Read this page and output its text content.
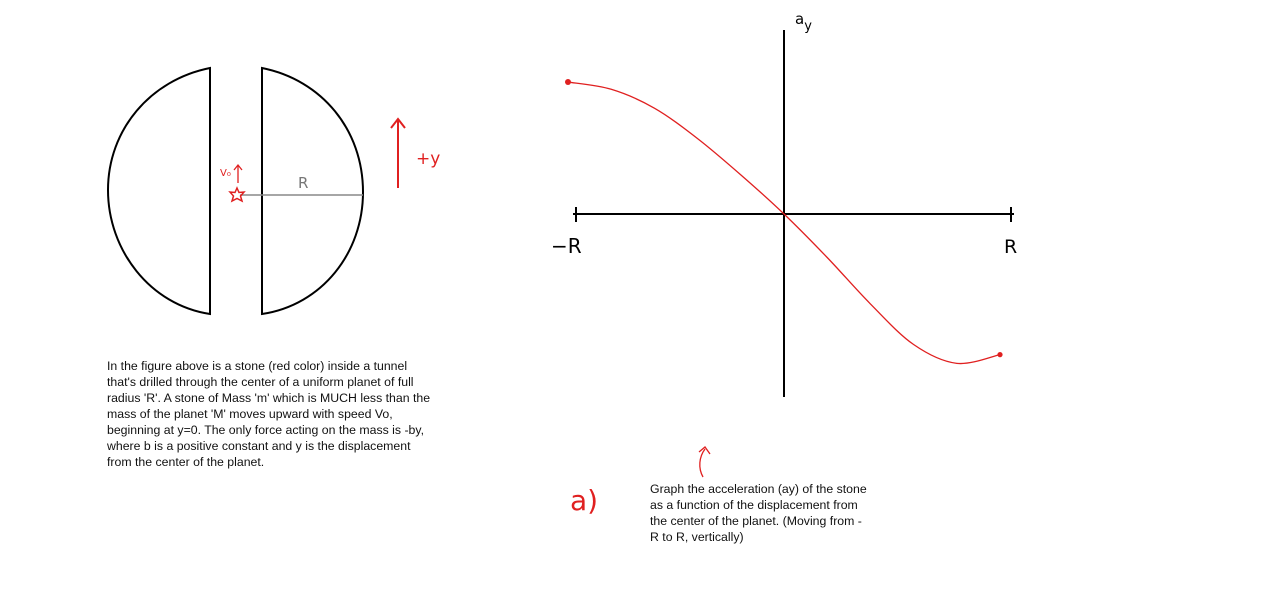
R
V₀
+y
ay
−R	R
a)
In the figure above is a stone (red color) inside a tunnel
that's drilled through the center of a uniform planet of full
radius 'R'. A stone of Mass 'm' which is MUCH less than the
mass of the planet 'M' moves upward with speed Vo,
beginning at y=0. The only force acting on the mass is -by,
where b is a positive constant and y is the displacement
from the center of the planet.
Graph the acceleration (ay) of the stone
as a function of the displacement from
the center of the planet. (Moving from -
R to R, vertically)
